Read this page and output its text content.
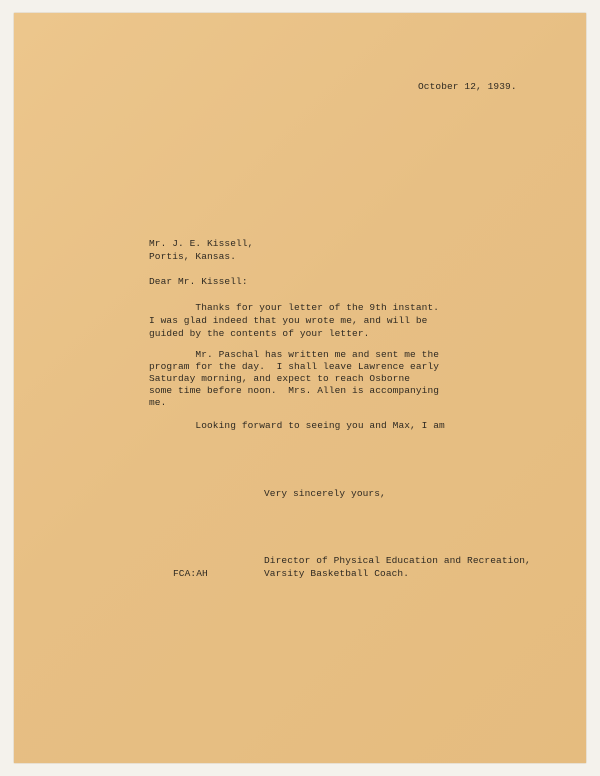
October 12, 1939.
Mr. J. E. Kissell,
Portis, Kansas.
Dear Mr. Kissell:
Thanks for your letter of the 9th instant.
I was glad indeed that you wrote me, and will be
guided by the contents of your letter.
Mr. Paschal has written me and sent me the
program for the day.  I shall leave Lawrence early
Saturday morning, and expect to reach Osborne
some time before noon.  Mrs. Allen is accompanying
me.
Looking forward to seeing you and Max, I am
Very sincerely yours,
Director of Physical Education and Recreation,
Varsity Basketball Coach.
FCA:AH
